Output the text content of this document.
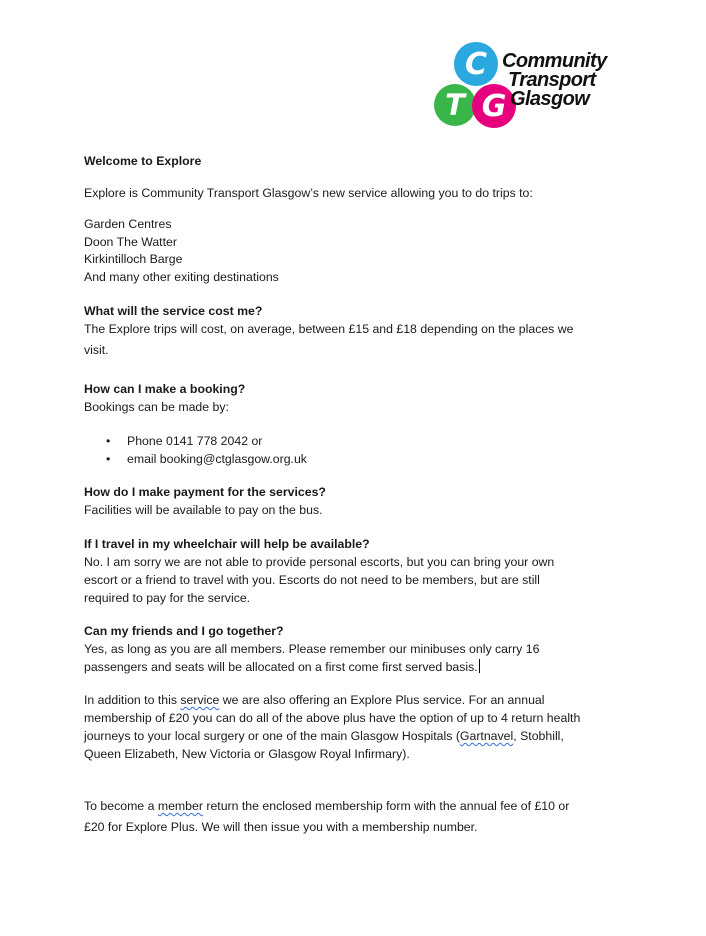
C
T G
Community
Transport
Glasgow
Welcome to Explore
Explore is Community Transport Glasgow’s new service allowing you to do trips to:
Garden Centres
Doon The Watter
Kirkintilloch Barge
And many other exiting destinations
What will the service cost me?
The Explore trips will cost, on average, between £15 and £18 depending on the places we
visit.
How can I make a booking?
Bookings can be made by:
• Phone 0141 778 2042 or
• email booking@ctglasgow.org.uk
How do I make payment for the services?
Facilities will be available to pay on the bus.
If I travel in my wheelchair will help be available?
No. I am sorry we are not able to provide personal escorts, but you can bring your own
escort or a friend to travel with you. Escorts do not need to be members, but are still
required to pay for the service.
Can my friends and I go together?
Yes, as long as you are all members. Please remember our minibuses only carry 16
passengers and seats will be allocated on a first come first served basis.
In addition to this service we are also offering an Explore Plus service. For an annual
membership of £20 you can do all of the above plus have the option of up to 4 return health
journeys to your local surgery or one of the main Glasgow Hospitals (Gartnavel, Stobhill,
Queen Elizabeth, New Victoria or Glasgow Royal Infirmary).
To become a member return the enclosed membership form with the annual fee of £10 or
£20 for Explore Plus. We will then issue you with a membership number.
